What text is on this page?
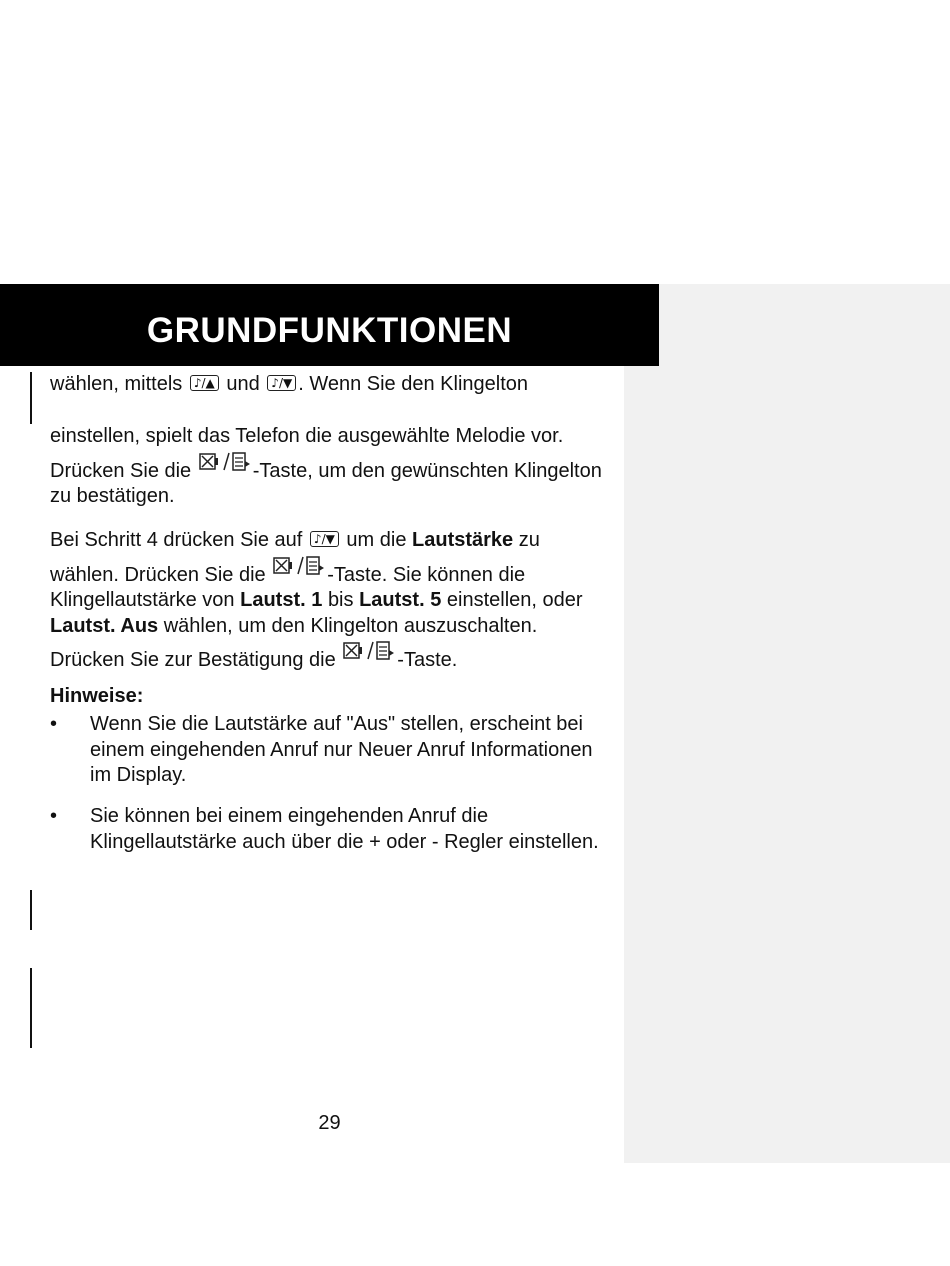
GRUNDFUNKTIONEN

wählen, mittels ♪/▲ und ♪/▼ . Wenn Sie den Klingelton

einstellen, spielt das Telefon die ausgewählte Melodie vor. Drücken Sie die	-Taste, um den gewünschten Klingelton zu bestätigen.

Bei Schritt 4 drücken Sie auf ♪/▼ um die Lautstärke zu wählen. Drücken Sie die	-Taste. Sie können die Klingellautstärke von Lautst. 1 bis Lautst. 5 einstellen, oder Lautst. Aus wählen, um den Klingelton auszuschalten. Drücken Sie zur Bestätigung die	-Taste.

Hinweise:
• Wenn Sie die Lautstärke auf "Aus" stellen, erscheint bei einem eingehenden Anruf nur Neuer Anruf Informationen im Display.
• Sie können bei einem eingehenden Anruf die Klingellautstärke auch über die + oder - Regler einstellen.
29
